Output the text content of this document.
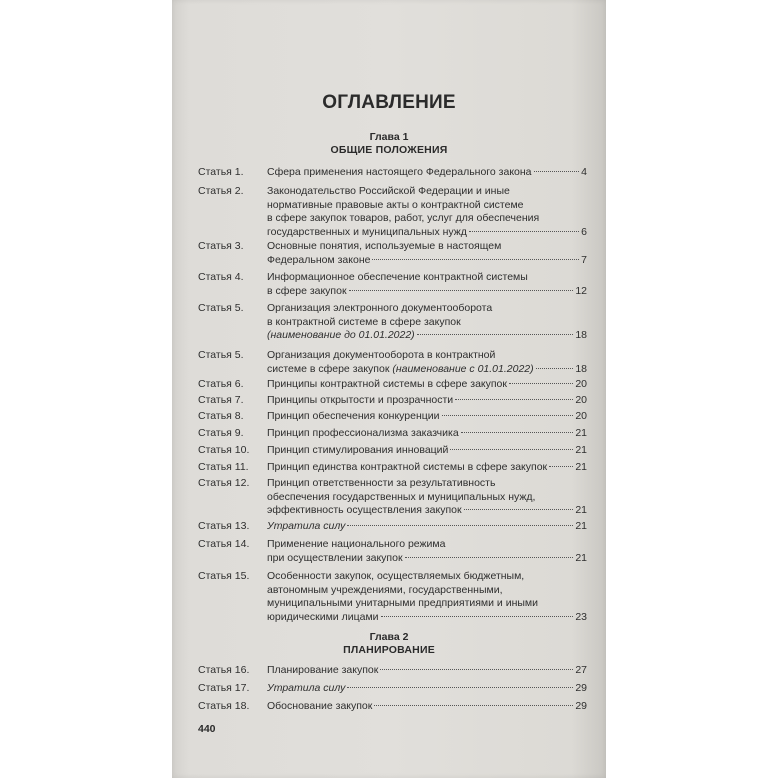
ОГЛАВЛЕНИЕ
Глава 1
ОБЩИЕ ПОЛОЖЕНИЯ
Статья 1. Сфера применения настоящего Федерального закона	4
Статья 2. Законодательство Российской Федерации и иные
нормативные правовые акты о контрактной системе
в сфере закупок товаров, работ, услуг для обеспечения
государственных и муниципальных нужд	6
Статья 3. Основные понятия, используемые в настоящем
Федеральном законе	7
Статья 4. Информационное обеспечение контрактной системы
в сфере закупок	12
Статья 5. Организация электронного документооборота
в контрактной системе в сфере закупок
(наименование до 01.01.2022)	18
Статья 5. Организация документооборота в контрактной
системе в сфере закупок (наименование с 01.01.2022)	18
Статья 6. Принципы контрактной системы в сфере закупок	20
Статья 7. Принципы открытости и прозрачности	20
Статья 8. Принцип обеспечения конкуренции	20
Статья 9. Принцип профессионализма заказчика	21
Статья 10. Принцип стимулирования инноваций	21
Статья 11. Принцип единства контрактной системы в сфере закупок	21
Статья 12. Принцип ответственности за результативность
обеспечения государственных и муниципальных нужд,
эффективность осуществления закупок	21
Статья 13. Утратила силу	21
Статья 14. Применение национального режима
при осуществлении закупок	21
Статья 15. Особенности закупок, осуществляемых бюджетным,
автономным учреждениями, государственными,
муниципальными унитарными предприятиями и иными
юридическими лицами	23
Глава 2
ПЛАНИРОВАНИЕ
Статья 16. Планирование закупок	27
Статья 17. Утратила силу	29
Статья 18. Обоснование закупок	29
440
